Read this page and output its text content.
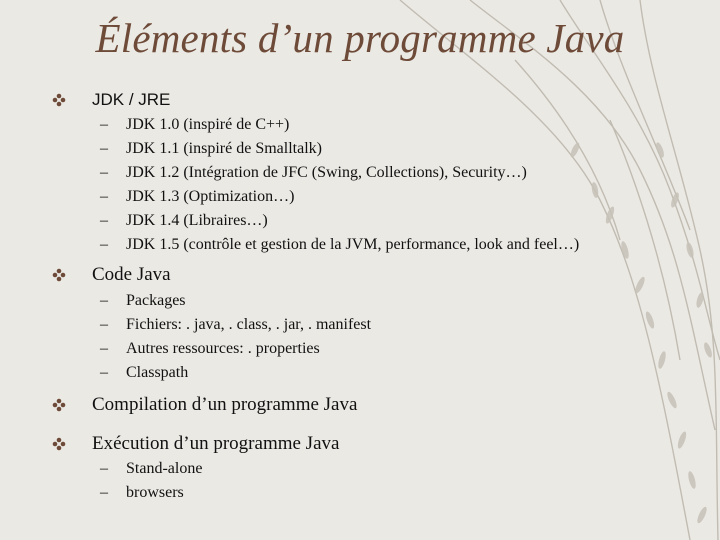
Éléments d’un programme Java
JDK / JRE
–	JDK 1.0 (inspiré de C++)
–	JDK 1.1 (inspiré de Smalltalk)
–	JDK 1.2 (Intégration de JFC (Swing, Collections), Security…)
–	JDK 1.3 (Optimization…)
–	JDK 1.4 (Libraires…)
–	JDK 1.5 (contrôle et gestion de la JVM, performance, look and feel…)
Code Java
–	Packages
–	Fichiers: . java, . class, . jar, . manifest
–	Autres ressources: . properties
–	Classpath
Compilation d’un programme Java
Exécution d’un programme Java
–	Stand-alone
–	browsers
